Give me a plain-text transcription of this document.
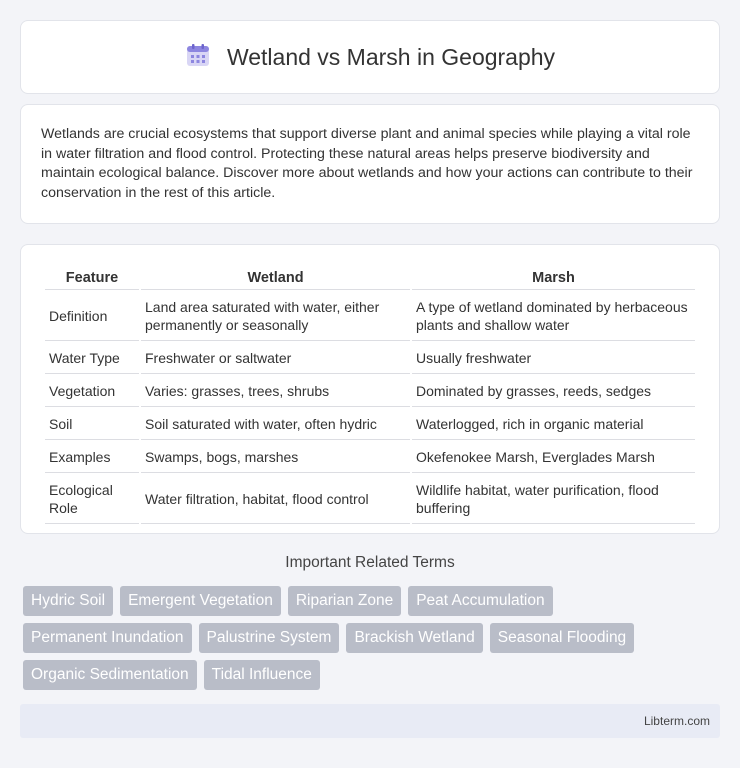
Wetland vs Marsh in Geography

Wetlands are crucial ecosystems that support diverse plant and animal species while playing a vital role in water filtration and flood control. Protecting these natural areas helps preserve biodiversity and maintain ecological balance. Discover more about wetlands and how your actions can contribute to their conservation in the rest of this article.

Feature	Wetland	Marsh
Definition	Land area saturated with water, either permanently or seasonally	A type of wetland dominated by herbaceous plants and shallow water
Water Type	Freshwater or saltwater	Usually freshwater
Vegetation	Varies: grasses, trees, shrubs	Dominated by grasses, reeds, sedges
Soil	Soil saturated with water, often hydric	Waterlogged, rich in organic material
Examples	Swamps, bogs, marshes	Okefenokee Marsh, Everglades Marsh
Ecological Role	Water filtration, habitat, flood control	Wildlife habitat, water purification, flood buffering
Important Related Terms
Hydric Soil	Emergent Vegetation	Riparian Zone	Peat Accumulation
Permanent Inundation	Palustrine System	Brackish Wetland	Seasonal Flooding
Organic Sedimentation	Tidal Influence
Libterm.com
